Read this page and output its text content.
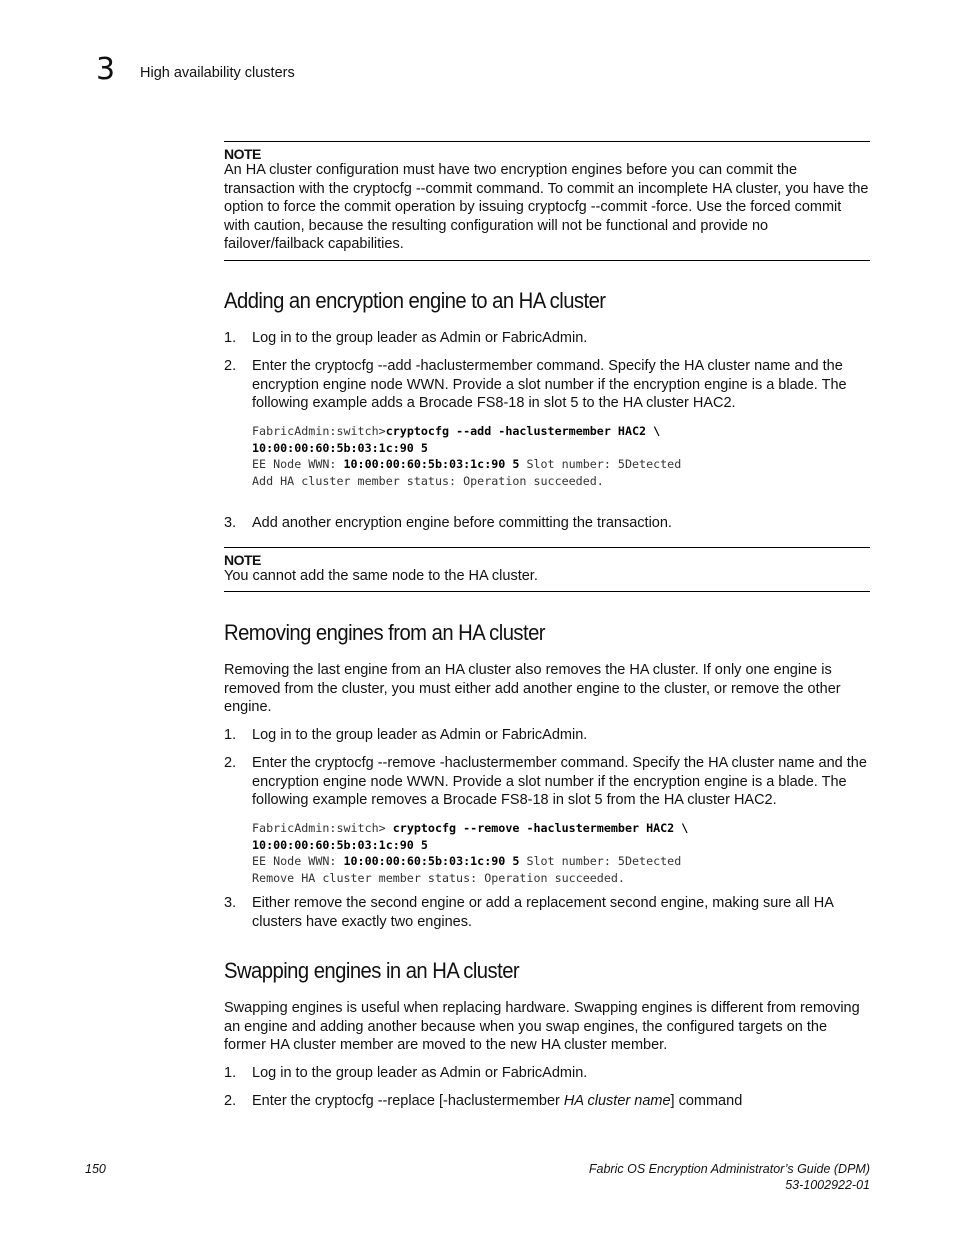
3 High availability clusters
NOTE
An HA cluster configuration must have two encryption engines before you can commit the transaction with the cryptocfg --commit command. To commit an incomplete HA cluster, you have the option to force the commit operation by issuing cryptocfg --commit -force. Use the forced commit with caution, because the resulting configuration will not be functional and provide no failover/failback capabilities.
Adding an encryption engine to an HA cluster
1. Log in to the group leader as Admin or FabricAdmin.
2. Enter the cryptocfg --add -haclustermember command. Specify the HA cluster name and the encryption engine node WWN. Provide a slot number if the encryption engine is a blade. The following example adds a Brocade FS8-18 in slot 5 to the HA cluster HAC2.
FabricAdmin:switch>cryptocfg --add -haclustermember HAC2 \
10:00:00:60:5b:03:1c:90 5
EE Node WWN: 10:00:00:60:5b:03:1c:90 5 Slot number: 5Detected
Add HA cluster member status: Operation succeeded.
3. Add another encryption engine before committing the transaction.
NOTE
You cannot add the same node to the HA cluster.
Removing engines from an HA cluster
Removing the last engine from an HA cluster also removes the HA cluster. If only one engine is removed from the cluster, you must either add another engine to the cluster, or remove the other engine.
1. Log in to the group leader as Admin or FabricAdmin.
2. Enter the cryptocfg --remove -haclustermember command. Specify the HA cluster name and the encryption engine node WWN. Provide a slot number if the encryption engine is a blade. The following example removes a Brocade FS8-18 in slot 5 from the HA cluster HAC2.
FabricAdmin:switch> cryptocfg --remove -haclustermember HAC2 \
10:00:00:60:5b:03:1c:90 5
EE Node WWN: 10:00:00:60:5b:03:1c:90 5 Slot number: 5Detected
Remove HA cluster member status: Operation succeeded.
3. Either remove the second engine or add a replacement second engine, making sure all HA clusters have exactly two engines.
Swapping engines in an HA cluster
Swapping engines is useful when replacing hardware. Swapping engines is different from removing an engine and adding another because when you swap engines, the configured targets on the former HA cluster member are moved to the new HA cluster member.
1. Log in to the group leader as Admin or FabricAdmin.
2. Enter the cryptocfg --replace [-haclustermember HA cluster name] command
150	Fabric OS Encryption Administrator’s Guide (DPM)
53-1002922-01
